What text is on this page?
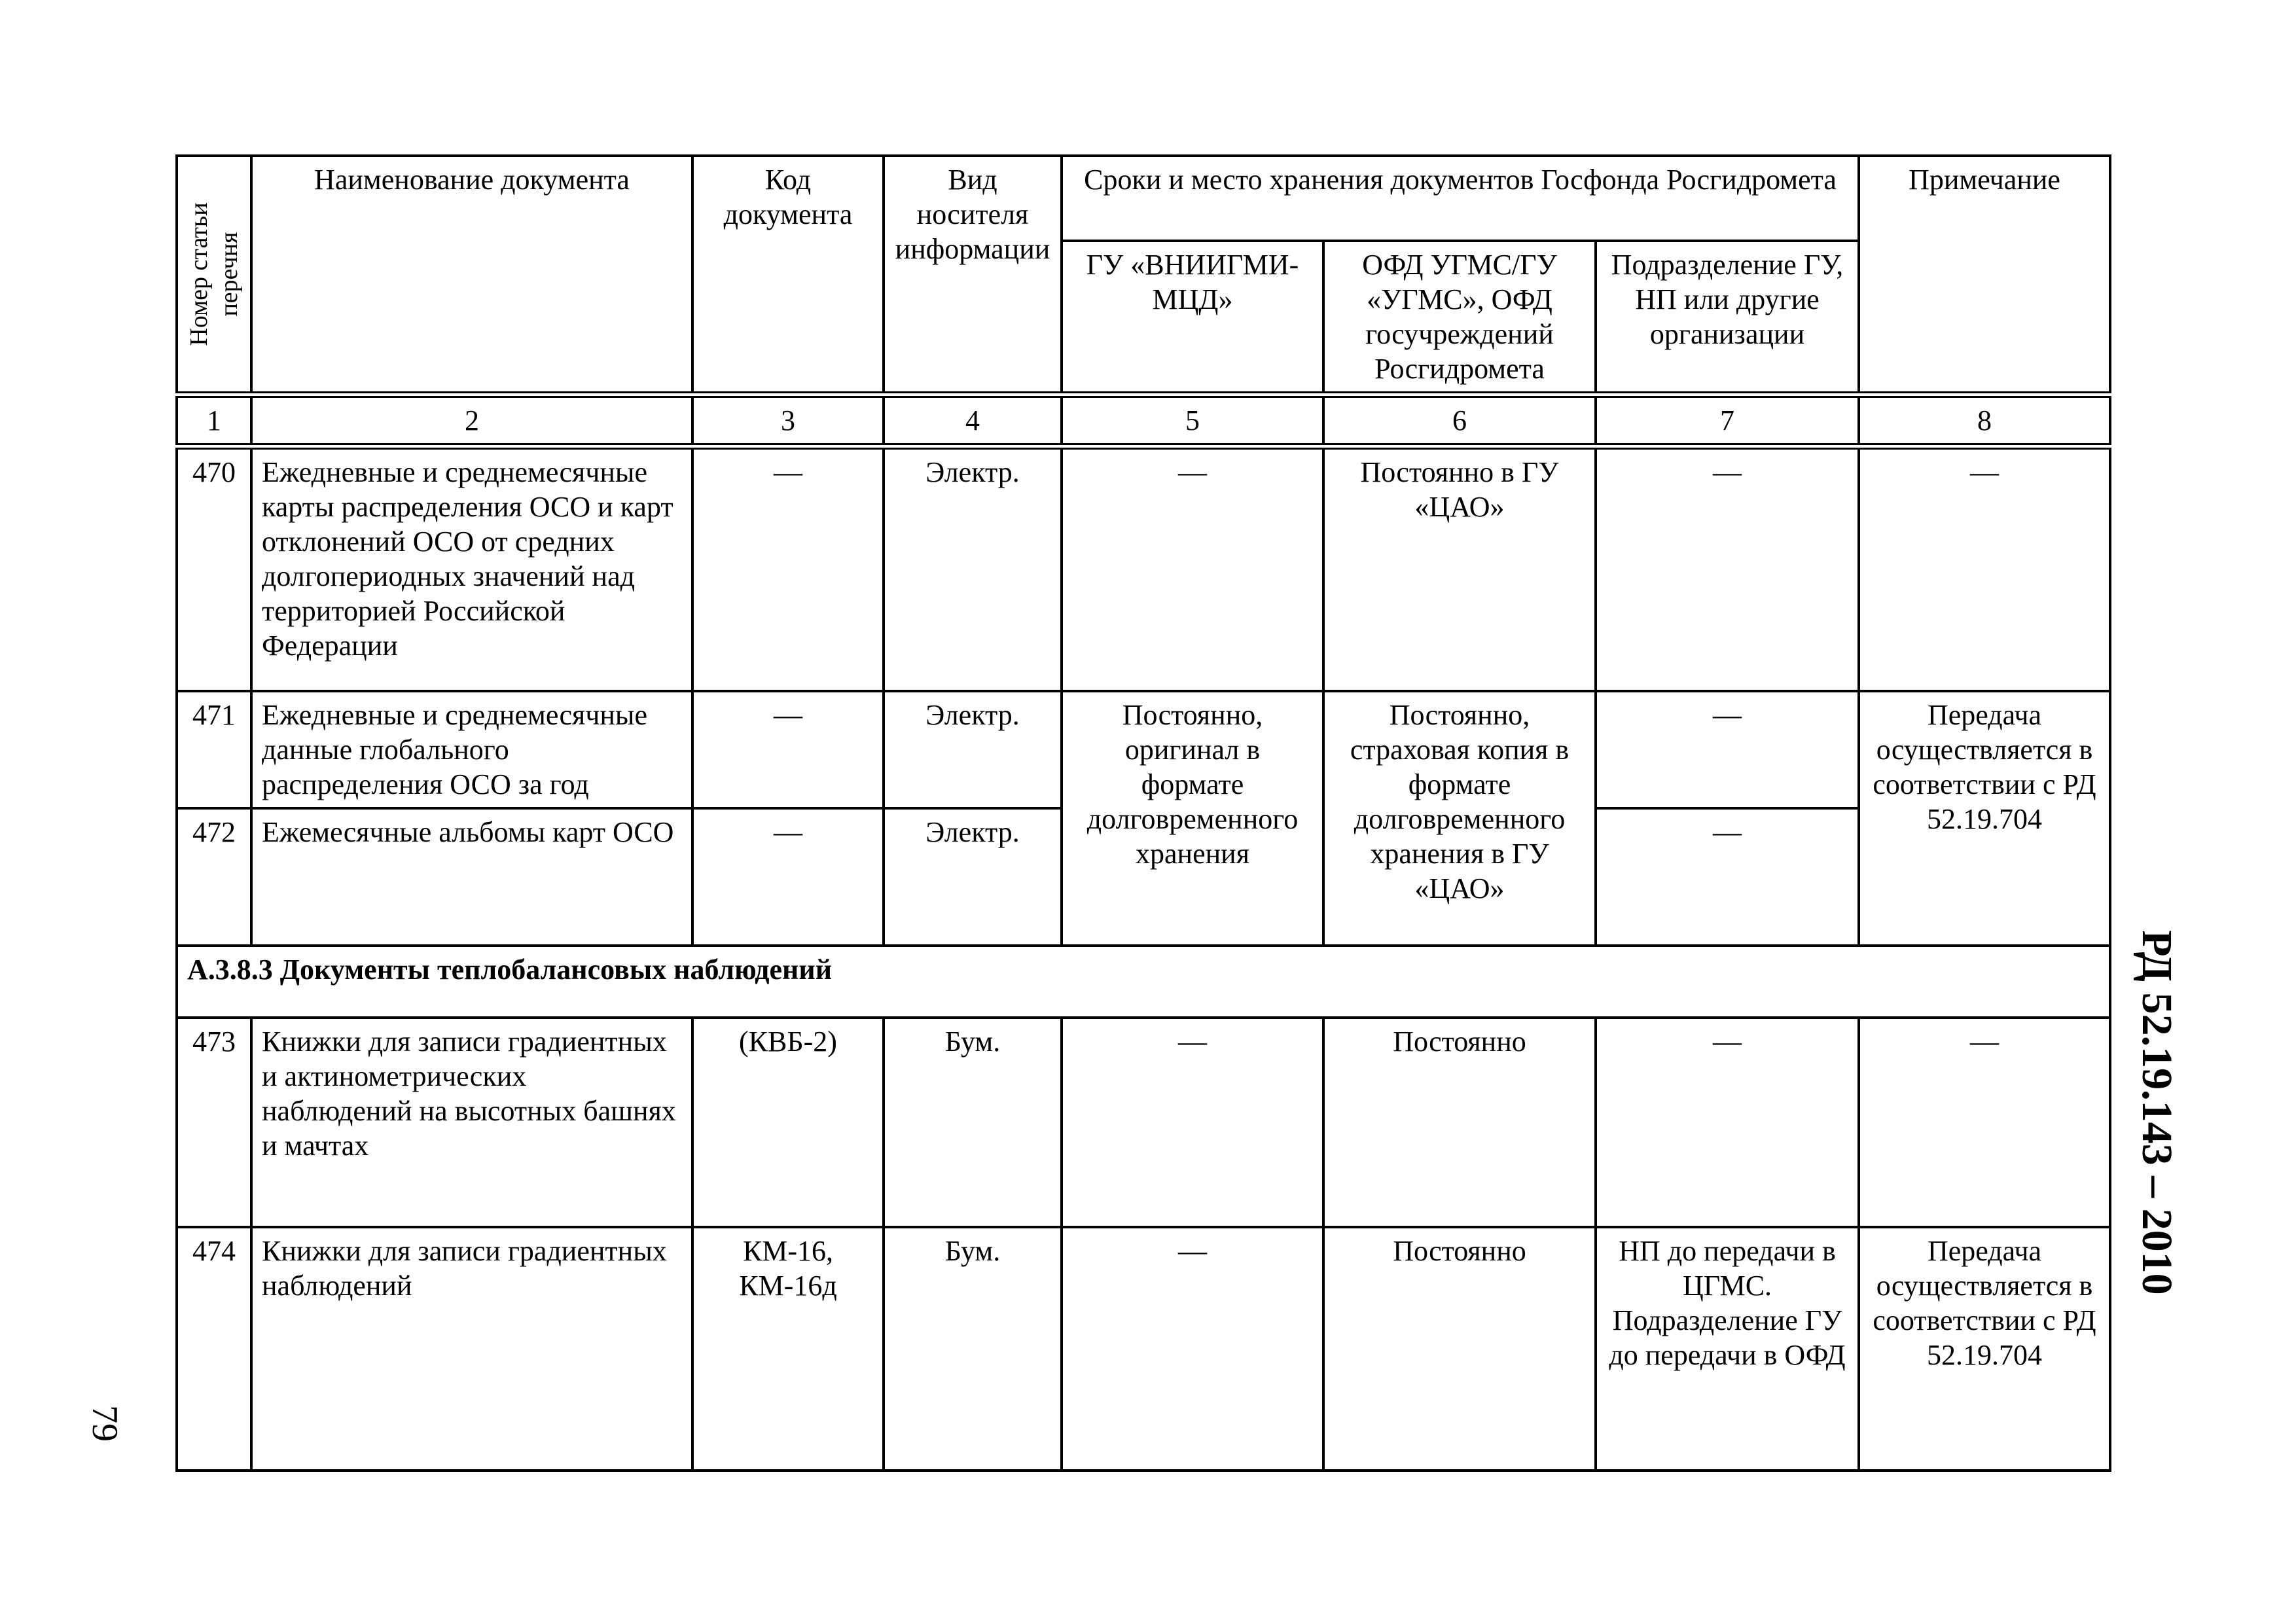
Номер статьи перечня	Наименование документа	Код документа	Вид носителя информации	Сроки и место хранения документов Госфонда Росгидромета			Примечание
				ГУ «ВНИИГМИ-МЦД»	ОФД УГМС/ГУ «УГМС», ОФД госучреждений Росгидромета	Подразделение ГУ, НП или другие организации	
1	2	3	4	5	6	7	8
470	Ежедневные и среднемесячные карты распределения ОСО и карт отклонений ОСО от средних долгопериодных значений над территорией Российской Федерации	—	Электр.	—	Постоянно в ГУ «ЦАО»	—	—
471	Ежедневные и среднемесячные данные глобального распределения ОСО за год	—	Электр.	Постоянно, оригинал в формате долговременного хранения	Постоянно, страховая копия в формате долговременного хранения в ГУ «ЦАО»	—	Передача осуществляется в соответствии с РД 52.19.704
472	Ежемесячные альбомы карт ОСО	—	Электр.			—	
А.3.8.3 Документы теплобалансовых наблюдений							
473	Книжки для записи градиентных и актинометрических наблюдений на высотных башнях и мачтах	(КВБ-2)	Бум.	—	Постоянно	—	—
474	Книжки для записи градиентных наблюдений	КМ-16, КМ-16д	Бум.	—	Постоянно	НП до передачи в ЦГМС. Подразделение ГУ до передачи в ОФД	Передача осуществляется в соответствии с РД 52.19.704
РД 52.19.143 – 2010
79
